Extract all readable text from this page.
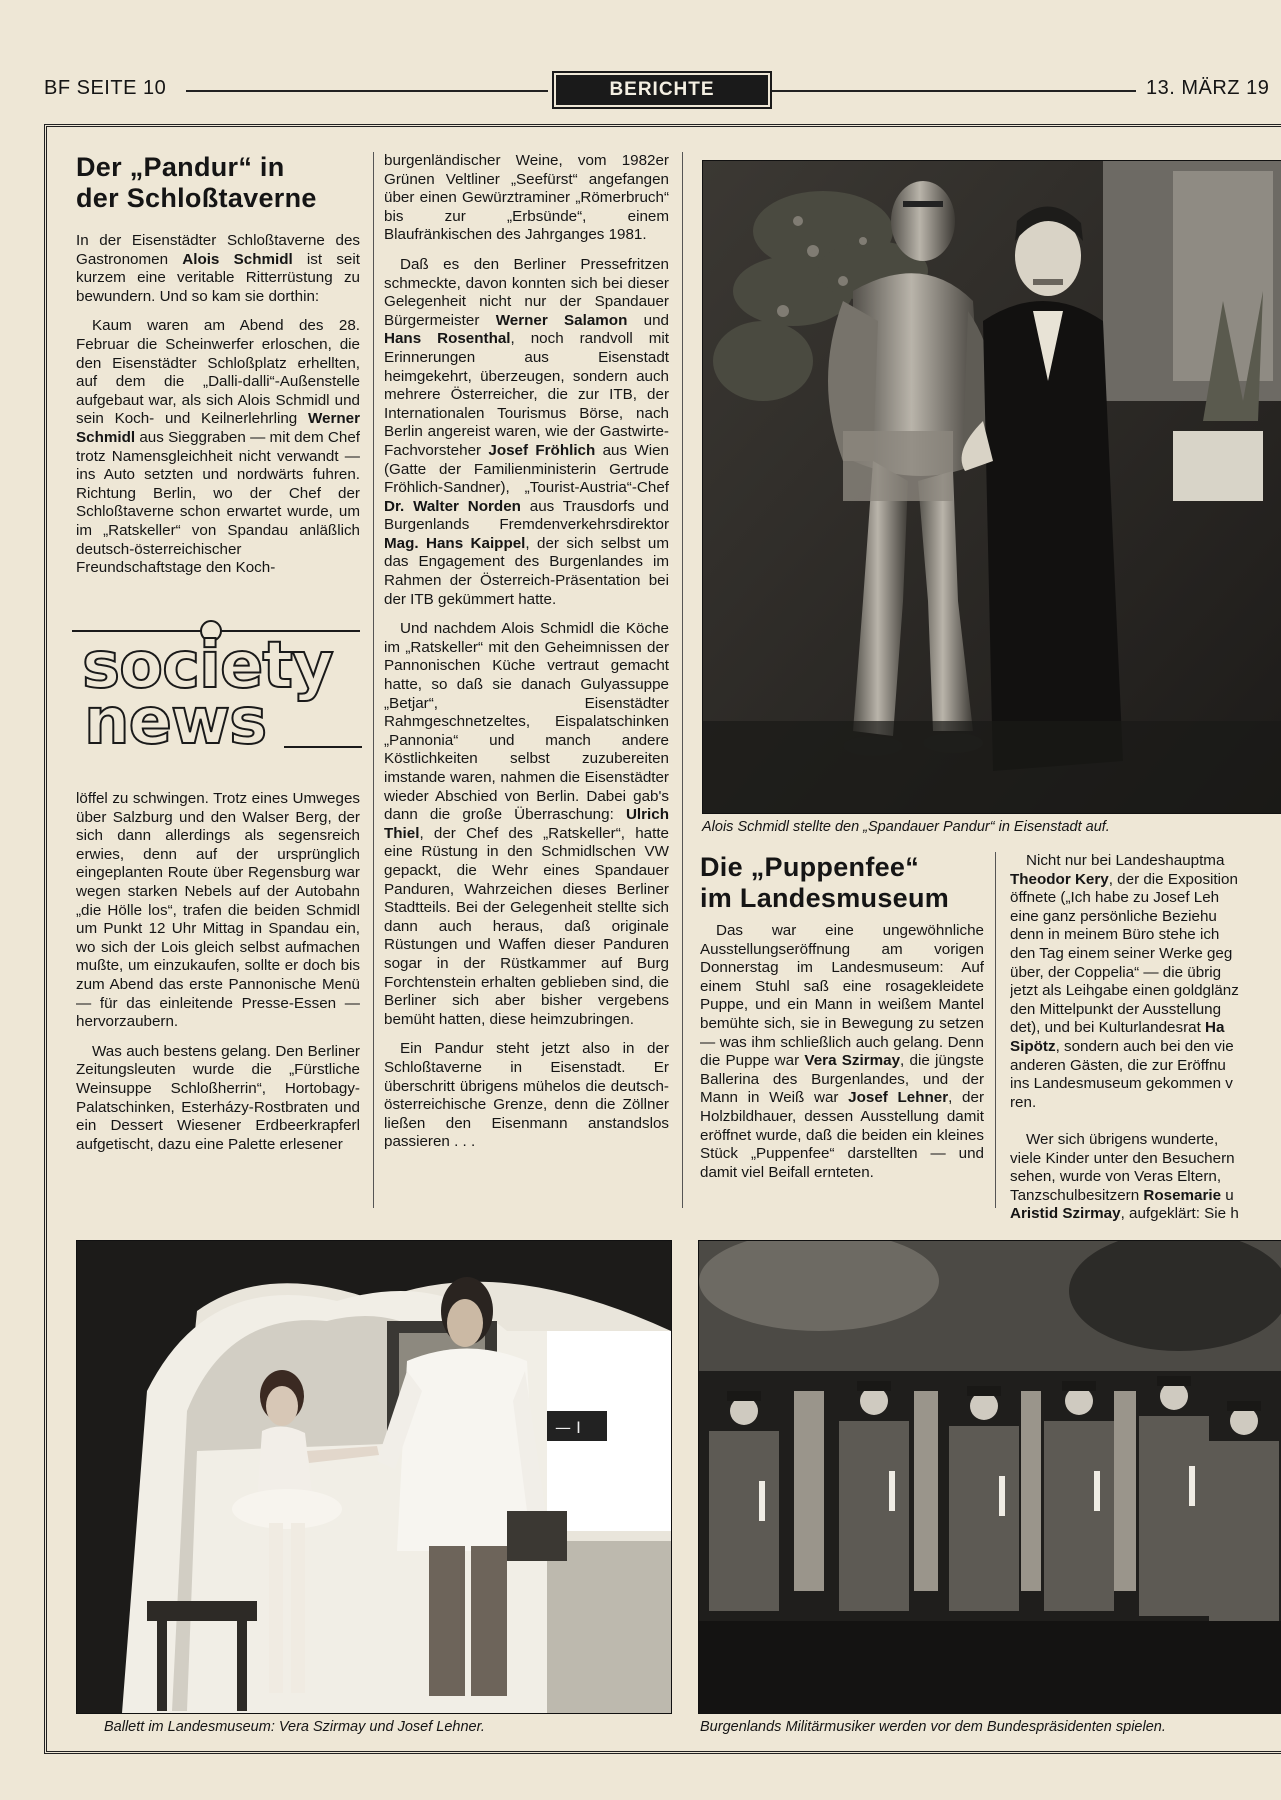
BF SEITE 10	BERICHTE	13. MÄRZ 19
Der „Pandur“ in
der Schloßtaverne

In der Eisenstädter Schloßtaverne des Gastronomen Alois Schmidl ist seit kurzem eine veritable Ritterrüstung zu bewundern. Und so kam sie dorthin:

Kaum waren am Abend des 28. Februar die Scheinwerfer erloschen, die den Eisenstädter Schloßplatz erhellten, auf dem die „Dalli-dalli“-Außenstelle aufgebaut war, als sich Alois Schmidl und sein Koch- und Keilnerlehrling Werner Schmidl aus Sieggraben — mit dem Chef trotz Namensgleichheit nicht verwandt — ins Auto setzten und nordwärts fuhren. Richtung Berlin, wo der Chef der Schloßtaverne schon erwartet wurde, um im „Ratskeller“ von Spandau anläßlich deutsch-österreichischer Freundschaftstage den Koch-

society
news

löffel zu schwingen. Trotz eines Umweges über Salzburg und den Walser Berg, der sich dann allerdings als segensreich erwies, denn auf der ursprünglich eingeplanten Route über Regensburg war wegen starken Nebels auf der Autobahn „die Hölle los“, trafen die beiden Schmidl um Punkt 12 Uhr Mittag in Spandau ein, wo sich der Lois gleich selbst aufmachen mußte, um einzukaufen, sollte er doch bis zum Abend das erste Pannonische Menü — für das einleitende Presse-Essen — hervorzaubern.

Was auch bestens gelang. Den Berliner Zeitungsleuten wurde die „Fürstliche Weinsuppe Schloßherrin“, Hortobagy-Palatschinken, Esterházy-Rostbraten und ein Dessert Wiesener Erdbeerkrapferl aufgetischt, dazu eine Palette erlesener

burgenländischer Weine, vom 1982er Grünen Veltliner „Seefürst“ angefangen über einen Gewürztraminer „Römerbruch“ bis zur „Erbsünde“, einem Blaufränkischen des Jahrganges 1981.

Daß es den Berliner Pressefritzen schmeckte, davon konnten sich bei dieser Gelegenheit nicht nur der Spandauer Bürgermeister Werner Salamon und Hans Rosenthal, noch randvoll mit Erinnerungen aus Eisenstadt heimgekehrt, überzeugen, sondern auch mehrere Österreicher, die zur ITB, der Internationalen Tourismus Börse, nach Berlin angereist waren, wie der Gastwirte-Fachvorsteher Josef Fröhlich aus Wien (Gatte der Familienministerin Gertrude Fröhlich-Sandner), „Tourist-Austria“-Chef Dr. Walter Norden aus Trausdorfs und Burgenlands Fremdenverkehrsdirektor Mag. Hans Kaippel, der sich selbst um das Engagement des Burgenlandes im Rahmen der Österreich-Präsentation bei der ITB gekümmert hatte.

Und nachdem Alois Schmidl die Köche im „Ratskeller“ mit den Geheimnissen der Pannonischen Küche vertraut gemacht hatte, so daß sie danach Gulyassuppe „Betjar“, Eisenstädter Rahmgeschnetzeltes, Eispalatschinken „Pannonia“ und manch andere Köstlichkeiten selbst zuzubereiten imstande waren, nahmen die Eisenstädter wieder Abschied von Berlin. Dabei gab's dann die große Überraschung: Ulrich Thiel, der Chef des „Ratskeller“, hatte eine Rüstung in den Schmidlschen VW gepackt, die Wehr eines Spandauer Panduren, Wahrzeichen dieses Berliner Stadtteils. Bei der Gelegenheit stellte sich dann auch heraus, daß originale Rüstungen und Waffen dieser Panduren sogar in der Rüstkammer auf Burg Forchtenstein erhalten geblieben sind, die Berliner sich aber bisher vergebens bemüht hatten, diese heimzubringen.

Ein Pandur steht jetzt also in der Schloßtaverne in Eisenstadt. Er überschritt übrigens mühelos die deutsch-österreichische Grenze, denn die Zöllner ließen den Eisenmann anstandslos passieren . . .

Alois Schmidl stellte den „Spandauer Pandur“ in Eisenstadt auf.
Die „Puppenfee“
im Landesmuseum

Das war eine ungewöhnliche Ausstellungseröffnung am vorigen Donnerstag im Landesmuseum: Auf einem Stuhl saß eine rosagekleidete Puppe, und ein Mann in weißem Mantel bemühte sich, sie in Bewegung zu setzen — was ihm schließlich auch gelang. Denn die Puppe war Vera Szirmay, die jüngste Ballerina des Burgenlandes, und der Mann in Weiß war Josef Lehner, der Holzbildhauer, dessen Ausstellung damit eröffnet wurde, daß die beiden ein kleines Stück „Puppenfee“ darstellten — und damit viel Beifall ernteten.

Nicht nur bei Landeshauptma
Theodor Kery, der die Exposition
öffnete („Ich habe zu Josef Leh
eine ganz persönliche Beziehu
denn in meinem Büro stehe ich
den Tag einem seiner Werke geg
über, der Coppelia“ — die übrig
jetzt als Leihgabe einen goldglänz
den Mittelpunkt der Ausstellung
det), und bei Kulturlandesrat Ha
Sipötz, sondern auch bei den vie
anderen Gästen, die zur Eröffnu
ins Landesmuseum gekommen v
ren.

Wer sich übrigens wunderte,
viele Kinder unter den Besuchern
sehen, wurde von Veras Eltern,
Tanzschulbesitzern Rosemarie u
Aristid Szirmay, aufgeklärt: Sie h
— I
Ballett im Landesmuseum: Vera Szirmay und Josef Lehner.	Burgenlands Militärmusiker werden vor dem Bundespräsidenten spielen.
